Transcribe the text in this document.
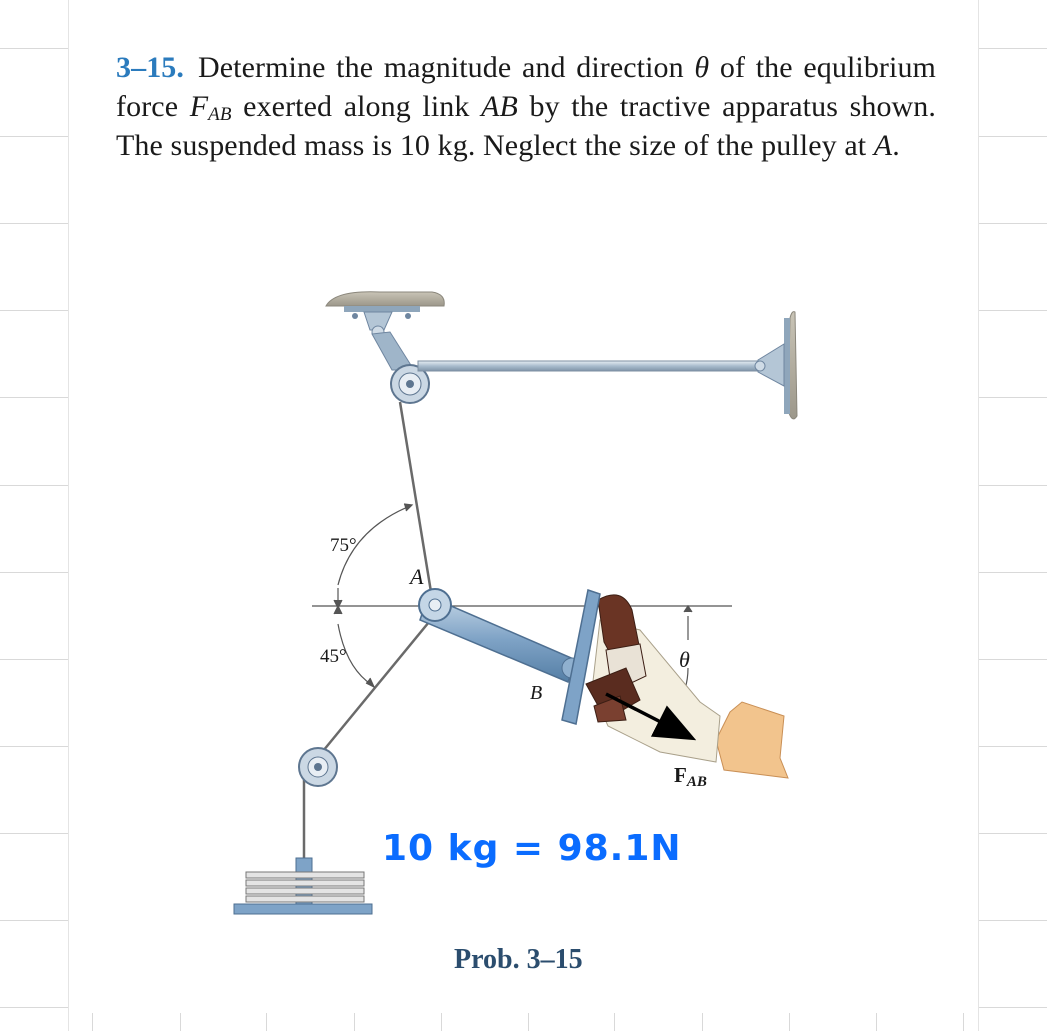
3–15. Determine the magnitude and direction θ of the equlibrium force $F_{AB}$ exerted along link AB by the tractive apparatus shown. The suspended mass is 10 kg. Neglect the size of the pulley at A.
75°
45°
A
B
θ
FAB
10 kg = 98.1N
Prob. 3–15
